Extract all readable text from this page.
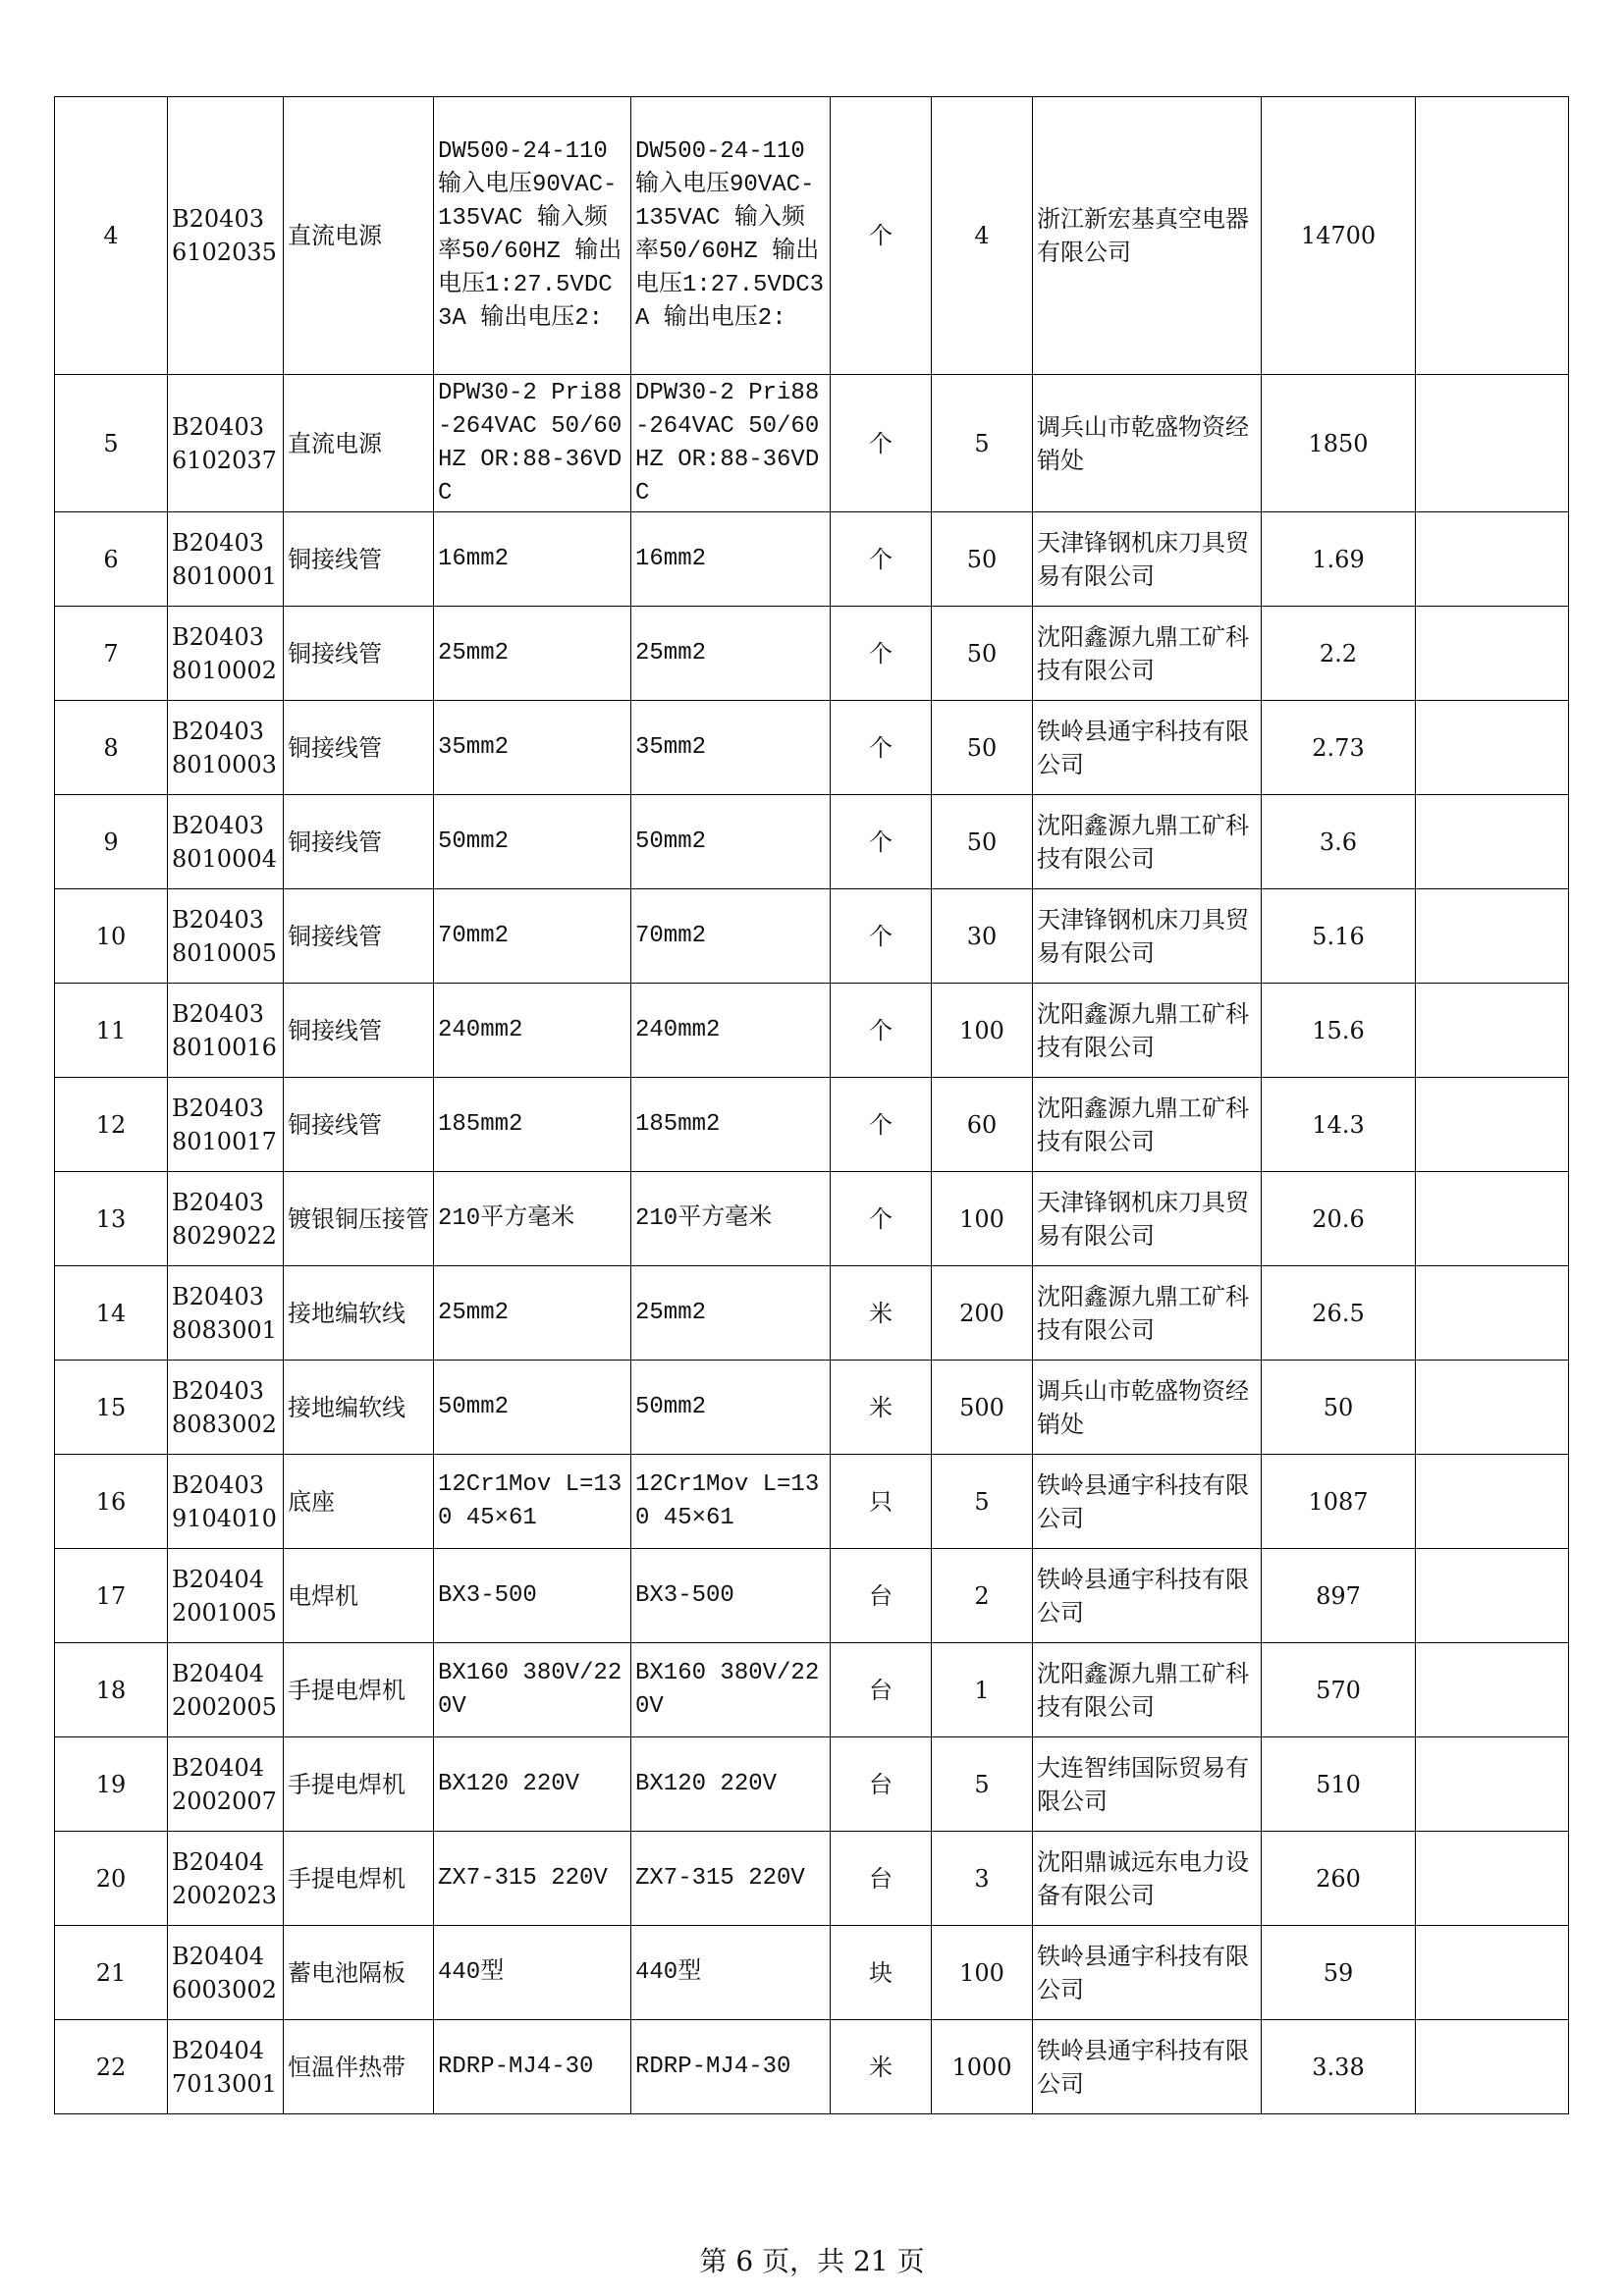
4	B204036102035	直流电源	DW500-24-110 输入电压90VAC-135VAC 输入频率50/60HZ 输出电压1:27.5VDC3A 输出电压2:	DW500-24-110 输入电压90VAC-135VAC 输入频率50/60HZ 输出电压1:27.5VDC3A 输出电压2:	个	4	浙江新宏基真空电器有限公司	14700	
5	B204036102037	直流电源	DPW30-2 Pri88-264VAC 50/60HZ OR:88-36VDC	DPW30-2 Pri88-264VAC 50/60HZ OR:88-36VDC	个	5	调兵山市乾盛物资经销处	1850	
6	B204038010001	铜接线管	16mm2	16mm2	个	50	天津锋钢机床刀具贸易有限公司	1.69	
7	B204038010002	铜接线管	25mm2	25mm2	个	50	沈阳鑫源九鼎工矿科技有限公司	2.2	
8	B204038010003	铜接线管	35mm2	35mm2	个	50	铁岭县通宇科技有限公司	2.73	
9	B204038010004	铜接线管	50mm2	50mm2	个	50	沈阳鑫源九鼎工矿科技有限公司	3.6	
10	B204038010005	铜接线管	70mm2	70mm2	个	30	天津锋钢机床刀具贸易有限公司	5.16	
11	B204038010016	铜接线管	240mm2	240mm2	个	100	沈阳鑫源九鼎工矿科技有限公司	15.6	
12	B204038010017	铜接线管	185mm2	185mm2	个	60	沈阳鑫源九鼎工矿科技有限公司	14.3	
13	B204038029022	镀银铜压接管	210平方毫米	210平方毫米	个	100	天津锋钢机床刀具贸易有限公司	20.6	
14	B204038083001	接地编软线	25mm2	25mm2	米	200	沈阳鑫源九鼎工矿科技有限公司	26.5	
15	B204038083002	接地编软线	50mm2	50mm2	米	500	调兵山市乾盛物资经销处	50	
16	B204039104010	底座	12Cr1Mov L=130 45×61	12Cr1Mov L=130 45×61	只	5	铁岭县通宇科技有限公司	1087	
17	B204042001005	电焊机	BX3-500	BX3-500	台	2	铁岭县通宇科技有限公司	897	
18	B204042002005	手提电焊机	BX160 380V/220V	BX160 380V/220V	台	1	沈阳鑫源九鼎工矿科技有限公司	570	
19	B204042002007	手提电焊机	BX120 220V	BX120 220V	台	5	大连智纬国际贸易有限公司	510	
20	B204042002023	手提电焊机	ZX7-315 220V	ZX7-315 220V	台	3	沈阳鼎诚远东电力设备有限公司	260	
21	B204046003002	蓄电池隔板	440型	440型	块	100	铁岭县通宇科技有限公司	59	
22	B204047013001	恒温伴热带	RDRP-MJ4-30	RDRP-MJ4-30	米	1000	铁岭县通宇科技有限公司	3.38	
第 6 页，共 21 页
